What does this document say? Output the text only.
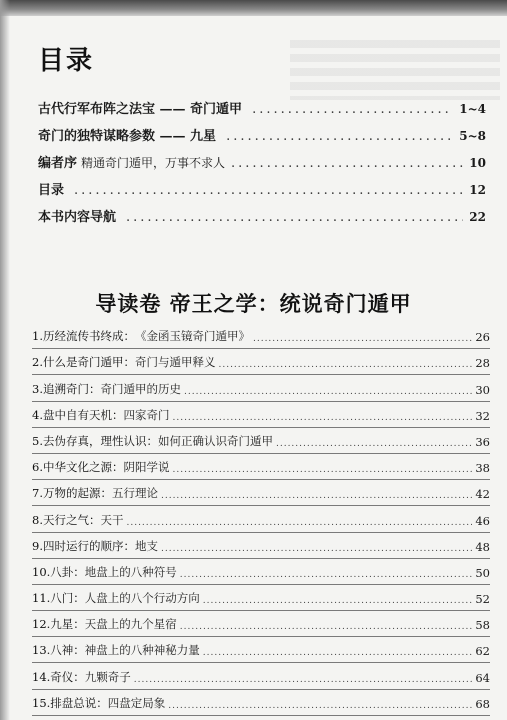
目录
古代行军布阵之法宝 —— 奇门遁甲 .....	1~4
奇门的独特谋略参数 —— 九星 .....	5~8
编者序 精通奇门遁甲，万事不求人 .....	10
目录 .....	12
本书内容导航 .....	22
导读卷 帝王之学：统说奇门遁甲
1.历经流传书终成： 《金函玉镜奇门遁甲》 .....	26
2.什么是奇门遁甲： 奇门与遁甲释义 .....	28
3.追溯奇门： 奇门遁甲的历史 .....	30
4.盘中自有天机： 四家奇门 .....	32
5.去伪存真，理性认识： 如何正确认识奇门遁甲 .....	36
6.中华文化之源： 阴阳学说 .....	38
7.万物的起源： 五行理论 .....	42
8.天行之气： 天干 .....	46
9.四时运行的顺序： 地支 .....	48
10.八卦： 地盘上的八种符号 .....	50
11.八门： 人盘上的八个行动方向 .....	52
12.九星： 天盘上的九个星宿 .....	58
13.八神： 神盘上的八种神秘力量 .....	62
14.奇仪： 九颗奇子 .....	64
15.排盘总说： 四盘定局象 .....	68
